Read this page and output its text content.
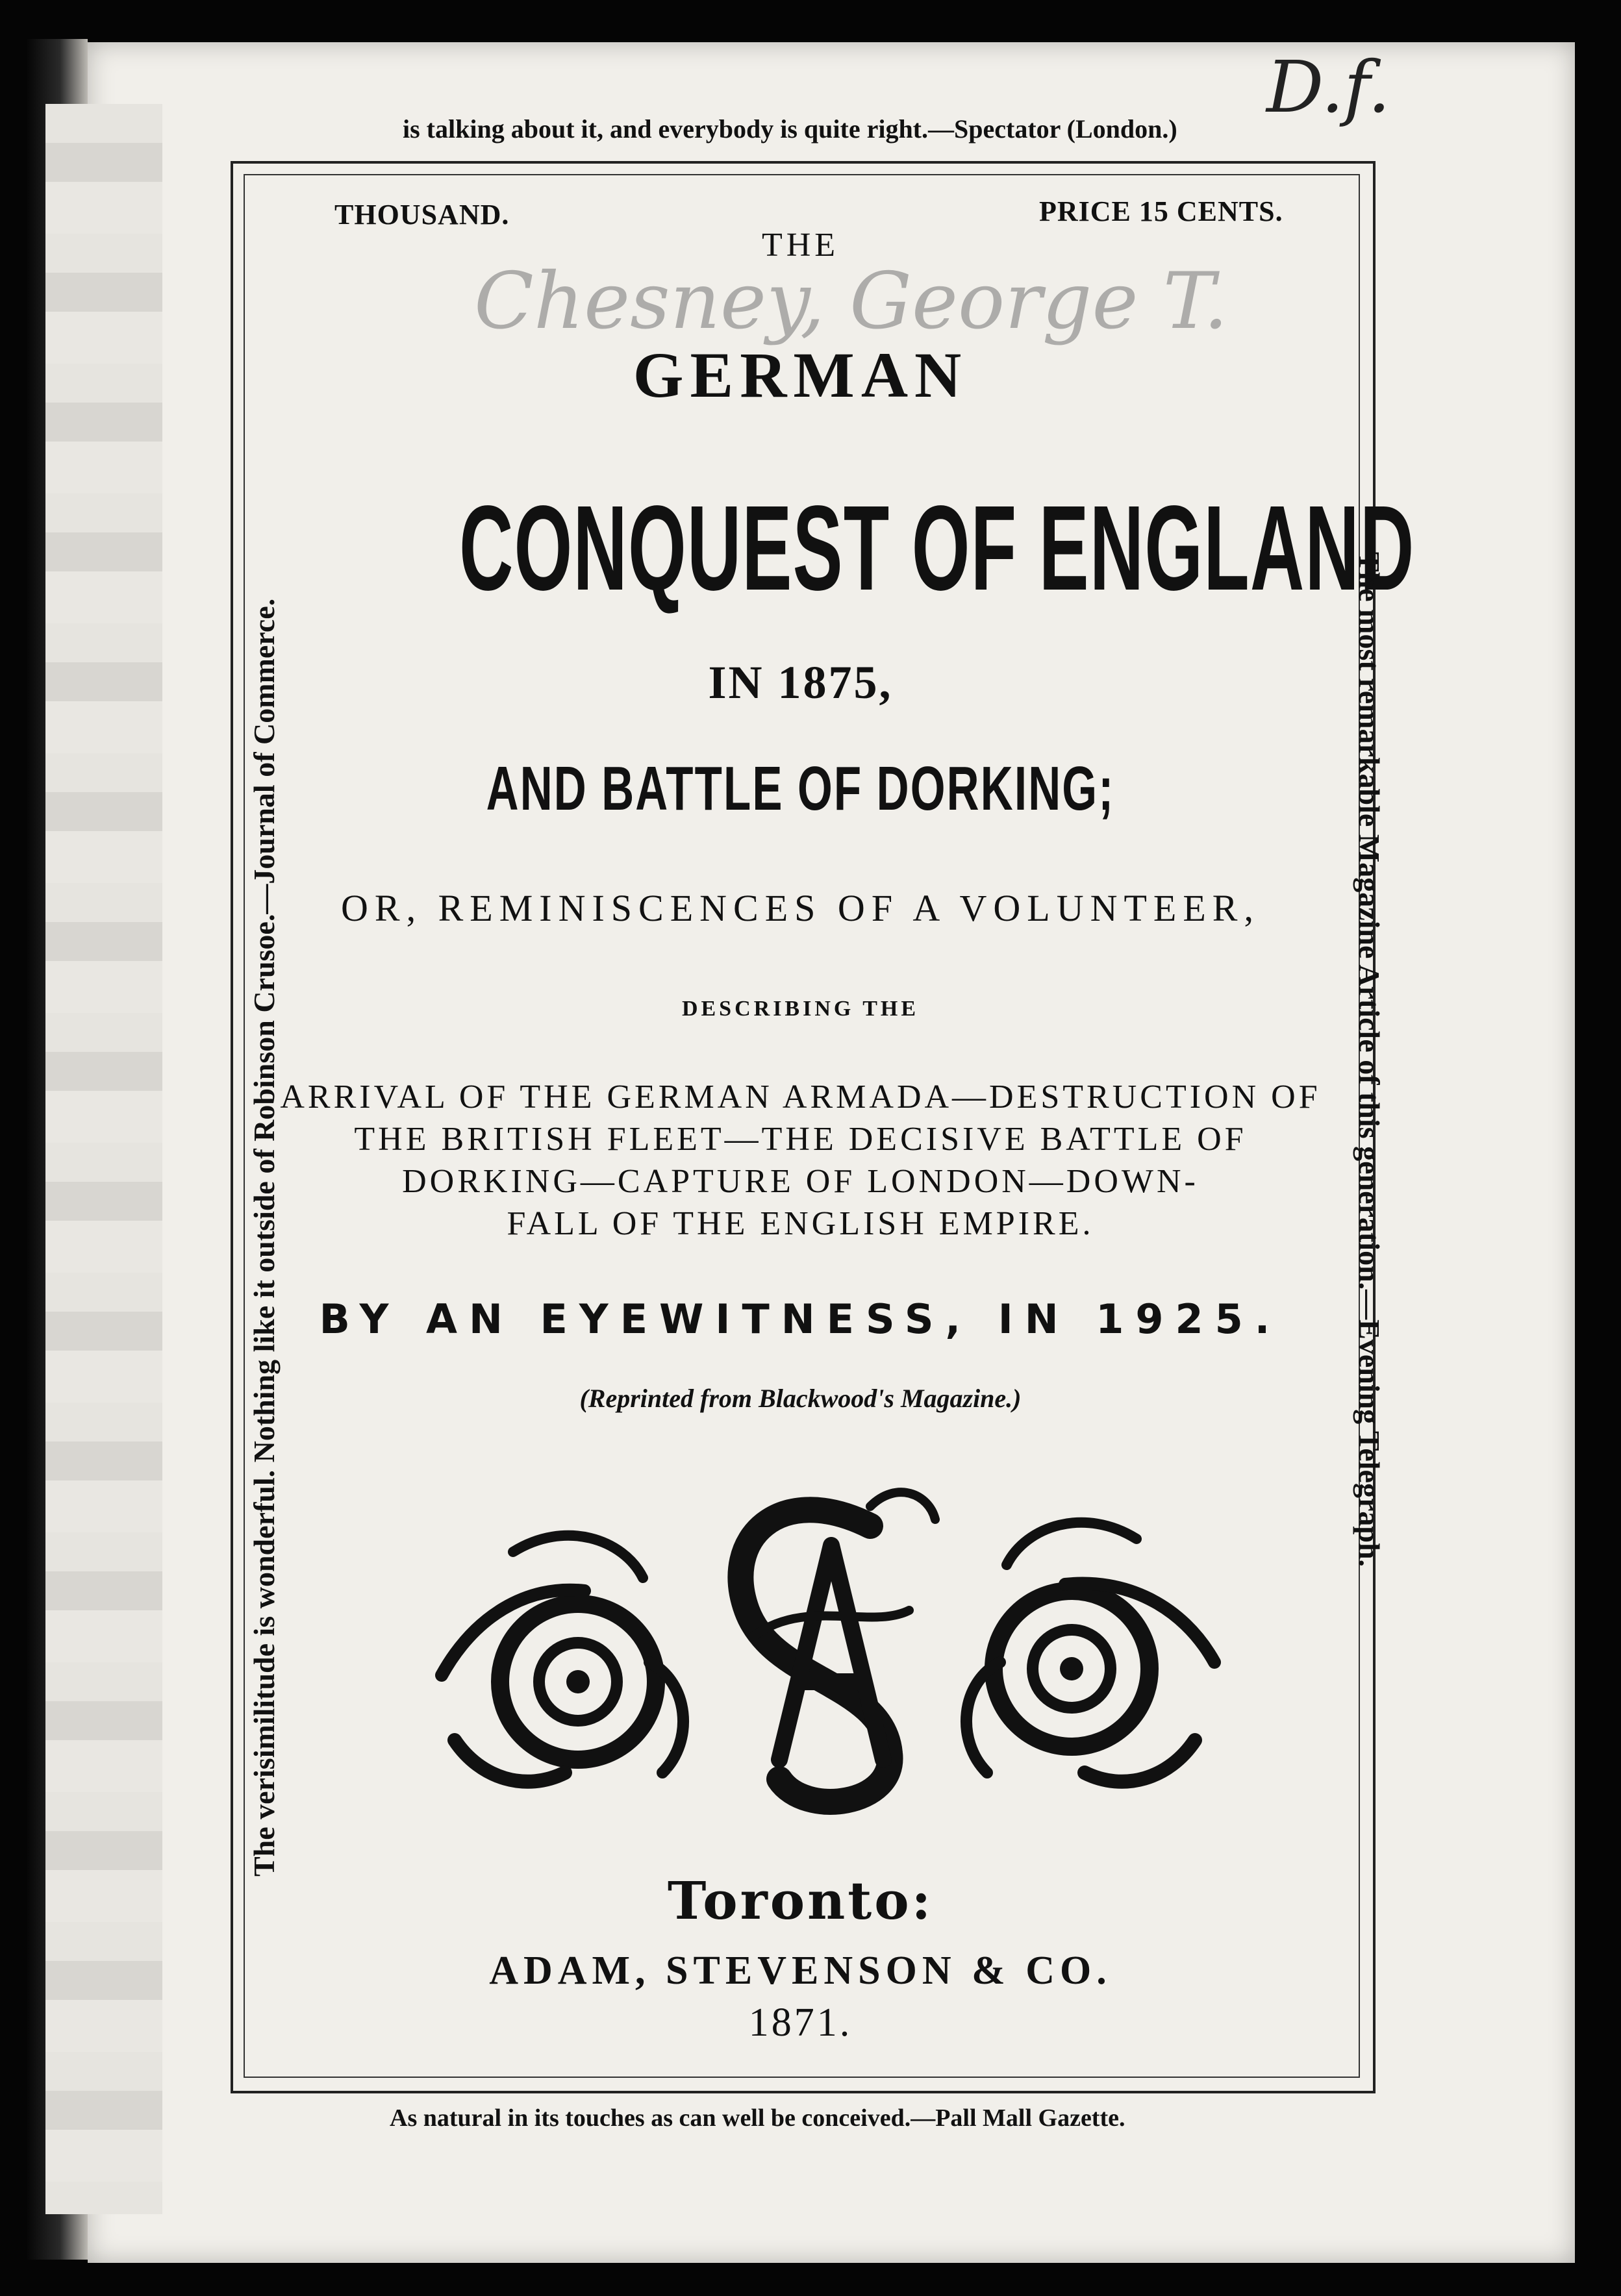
D.f.
is talking about it, and everybody is quite right.—Spectator (London.)
THOUSAND.	PRICE 15 CENTS.
THE
Chesney, George T.
GERMAN
CONQUEST OF ENGLAND
IN 1875,
AND BATTLE OF DORKING;
OR, REMINISCENCES OF A VOLUNTEER,
DESCRIBING THE
ARRIVAL OF THE GERMAN ARMADA—DESTRUCTION OF
THE BRITISH FLEET—THE DECISIVE BATTLE OF
DORKING—CAPTURE OF LONDON—DOWN-
FALL OF THE ENGLISH EMPIRE.
BY AN EYEWITNESS, IN 1925.
(Reprinted from Blackwood's Magazine.)
Toronto:
ADAM, STEVENSON & CO.
1871.
As natural in its touches as can well be conceived.—Pall Mall Gazette.
The verisimilitude is wonderful. Nothing like it outside of Robinson Crusoe.—Journal of Commerce.	The most remarkable Magazine Article of this generation.—Evening Telegraph.
